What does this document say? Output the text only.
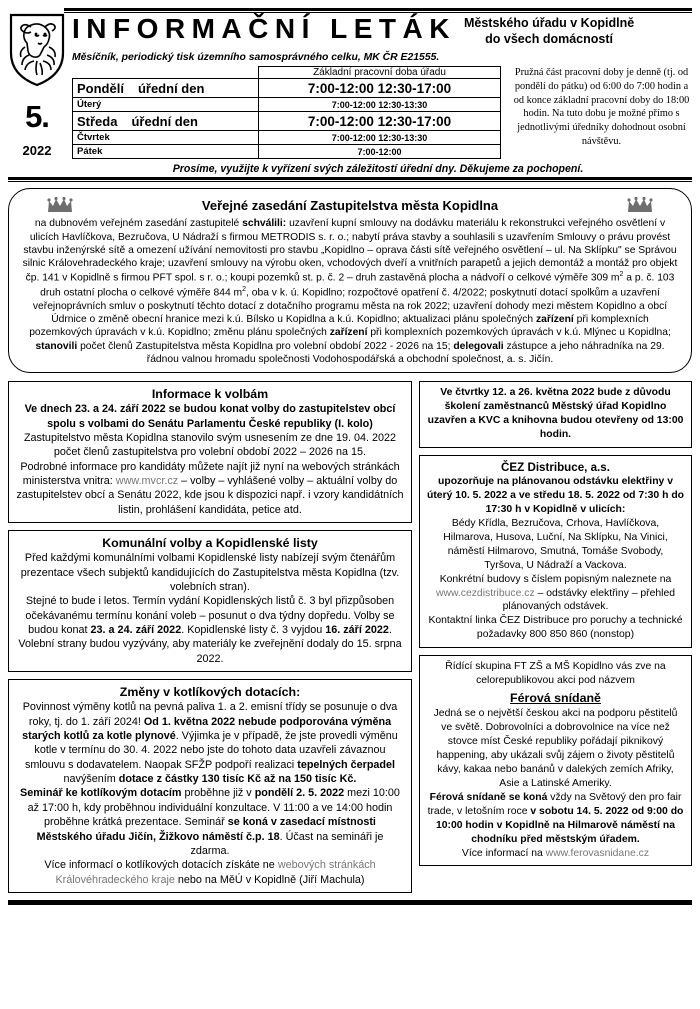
5.
2022
INFORMAČNÍ LETÁK Městského úřadu v Kopidlně
do všech domácností
Měsíčník, periodický tisk územního samosprávného celku, MK ČR E21555.
	Základní pracovní doba úřadu
Pondělí úřední den	7:00-12:00 12:30-17:00
Úterý	7:00-12:00 12:30-13:30
Středa úřední den	7:00-12:00 12:30-17:00
Čtvrtek	7:00-12:00 12:30-13:30
Pátek	7:00-12:00
Pružná část pracovní doby je denně (tj. od pondělí do pátku) od 6:00 do 7:00 hodin a od konce základní pracovní doby do 18:00 hodin. Na tuto dobu je možné přímo s jednotlivými úředníky dohodnout osobní návštěvu.
Prosíme, využijte k vyřízení svých záležitostí úřední dny. Děkujeme za pochopení.
Veřejné zasedání Zastupitelstva města Kopidlna
na dubnovém veřejném zasedání zastupitelé schválili: uzavření kupní smlouvy na dodávku materiálu k rekonstrukci veřejného osvětlení v ulicích Havlíčkova, Bezručova, U Nádraží s firmou METRODIS s. r. o.; nabytí práva stavby a souhlasili s uzavřením Smlouvy o právu provést stavbu inženýrské sítě a omezení užívání nemovitosti pro stavbu „Kopidlno – oprava části sítě veřejného osvětlení – ul. Na Sklípku" se Správou silnic Královehradeckého kraje; uzavření smlouvy na výrobu oken, vchodových dveří a vnitřních parapetů a jejich demontáž a montáž pro objekt čp. 141 v Kopidlně s firmou PFT spol. s r. o.; koupi pozemků st. p. č. 2 – druh zastavěná plocha a nádvoří o celkové výměře 309 $m^2$ a p. č. 103 druh ostatní plocha o celkové výměře 844 $m^2$, oba v k. ú. Kopidlno; rozpočtové opatření č. 4/2022; poskytnutí dotací spolkům a uzavření veřejnoprávních smluv o poskytnutí těchto dotací z dotačního programu města na rok 2022; uzavření dohody mezi městem Kopidlno a obcí Údrnice o změně obecní hranice mezi k.ú. Bílsko u Kopidlna a k.ú. Kopidlno; aktualizaci plánu společných zařízení při komplexních pozemkových úpravách v k.ú. Kopidlno; změnu plánu společných zařízení při komplexních pozemkových úpravách v k.ú. Mlýnec u Kopidlna; stanovili počet členů Zastupitelstva města Kopidlna pro volební období 2022 - 2026 na 15; delegovali zástupce a jeho náhradníka na 29. řádnou valnou hromadu společnosti Vodohospodářská a obchodní společnost, a. s. Jičín.
Informace k volbám
Ve dnech 23. a 24. září 2022 se budou konat volby do zastupitelstev obcí spolu s volbami do Senátu Parlamentu České republiky (I. kolo)
Zastupitelstvo města Kopidlna stanovilo svým usnesením ze dne 19. 04. 2022 počet členů zastupitelstva pro volební období 2022 – 2026 na 15.
Podrobné informace pro kandidáty můžete najít již nyní na webových stránkách ministerstva vnitra: www.mvcr.cz – volby – vyhlášené volby – aktuální volby do zastupitelstev obcí a Senátu 2022, kde jsou k dispozici např. i vzory kandidátních listin, prohlášení kandidáta, petice atd.
Komunální volby a Kopidlenské listy
Před každými komunálními volbami Kopidlenské listy nabízejí svým čtenářům prezentace všech subjektů kandidujících do Zastupitelstva města Kopidlna (tzv. volebních stran).
Stejné to bude i letos. Termín vydání Kopidlenských listů č. 3 byl přizpůsoben očekávanému termínu konání voleb – posunut o dva týdny dopředu. Volby se budou konat 23. a 24. září 2022. Kopidlenské listy č. 3 vyjdou 16. září 2022. Volební strany budou vyzývány, aby materiály ke zveřejnění dodaly do 15. srpna 2022.
Změny v kotlíkových dotacích:
Povinnost výměny kotlů na pevná paliva 1. a 2. emisní třídy se posunuje o dva roky, tj. do 1. září 2024! Od 1. května 2022 nebude podporována výměna starých kotlů za kotle plynové. Výjimka je v případě, že jste provedli výměnu kotle v termínu do 30. 4. 2022 nebo jste do tohoto data uzavřeli závaznou smlouvu s dodavatelem. Naopak SFŽP podpoří realizaci tepelných čerpadel navýšením dotace z částky 130 tisíc Kč až na 150 tisíc Kč.
Seminář ke kotlíkovým dotacím proběhne již v pondělí 2. 5. 2022 mezi 10:00 až 17:00 h, kdy proběhnou individuální konzultace. V 11:00 a ve 14:00 hodin proběhne krátká prezentace. Seminář se koná v zasedací místnosti Městského úřadu Jičín, Žižkovo náměstí č.p. 18. Účast na semináři je zdarma.
Více informací o kotlíkových dotacích získáte ne webových stránkách Královéhradeckého kraje nebo na MěÚ v Kopidlně (Jiří Machula)
Ve čtvrtky 12. a 26. května 2022 bude z důvodu školení zaměstnanců Městský úřad Kopidlno uzavřen a KVC a knihovna budou otevřeny od 13:00 hodin.
ČEZ Distribuce, a.s.
upozorňuje na plánovanou odstávku elektřiny v úterý 10. 5. 2022 a ve středu 18. 5. 2022 od 7:30 h do 17:30 h v Kopidlně v ulicích:
Bédy Křídla, Bezručova, Crhova, Havlíčkova, Hilmarova, Husova, Luční, Na Sklípku, Na Vinici, náměstí Hilmarovo, Smutná, Tomáše Svobody, Tyršova, U Nádraží a Vackova.
Konkrétní budovy s číslem popisným naleznete na www.cezdistribuce.cz – odstávky elektřiny – přehled plánovaných odstávek.
Kontaktní linka ČEZ Distribuce pro poruchy a technické požadavky 800 850 860 (nonstop)
Řídící skupina FT ZŠ a MŠ Kopidlno vás zve na celorepublikovou akci pod názvem
Férová snídaně
Jedná se o největší českou akci na podporu pěstitelů ve světě. Dobrovolníci a dobrovolnice na více než stovce míst České republiky pořádají piknikový happening, aby ukázali svůj zájem o životy pěstitelů kávy, kakaa nebo banánů v dalekých zemích Afriky, Asie a Latinské Ameriky.
Férová snídaně se koná vždy na Světový den pro fair trade, v letošním roce v sobotu 14. 5. 2022 od 9:00 do 10:00 hodin v Kopidlně na Hilmarově náměstí na chodníku před městským úřadem.
Více informací na www.ferovasnidane.cz
